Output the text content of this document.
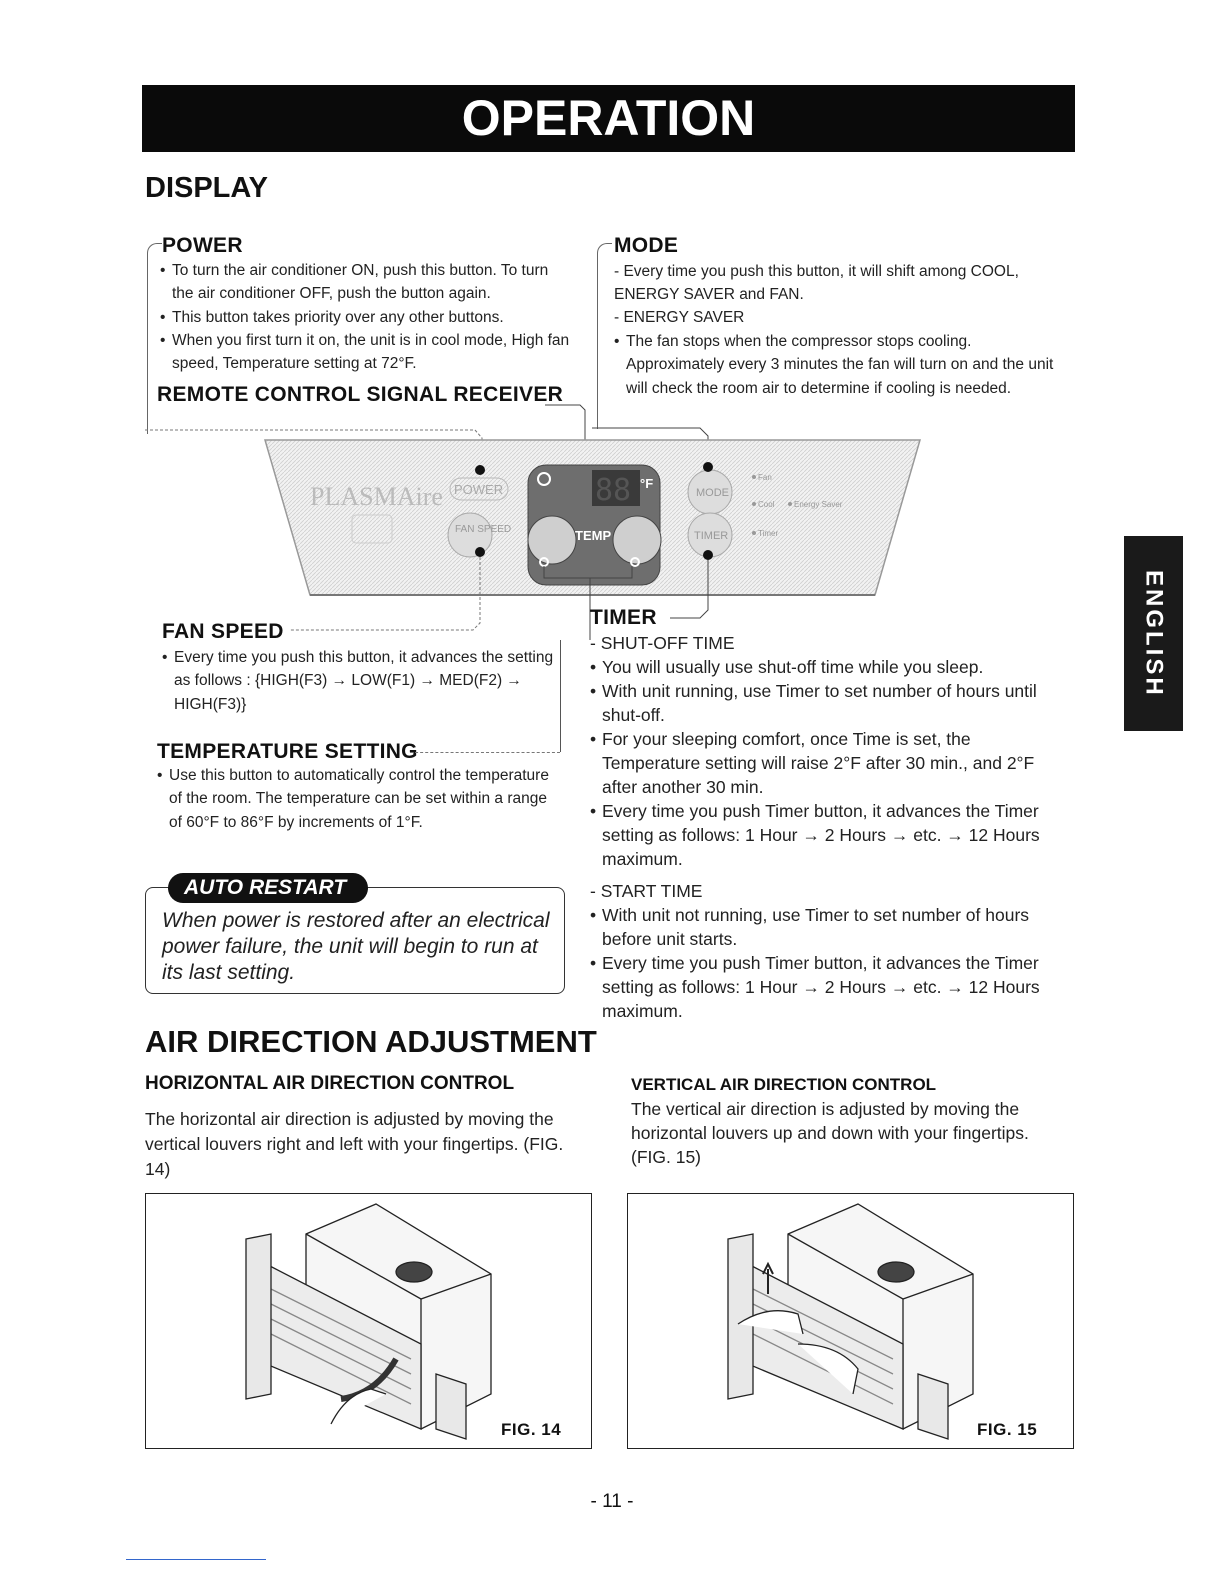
OPERATION
DISPLAY
POWER
• To turn the air conditioner ON, push this button. To turn the air conditioner OFF, push the button again.
• This button takes priority over any other buttons.
• When you first turn it on, the unit is in cool mode, High fan speed, Temperature setting at 72°F.
REMOTE CONTROL SIGNAL RECEIVER
MODE
- Every time you push this button, it will shift among COOL, ENERGY SAVER and FAN.
- ENERGY SAVER
• The fan stops when the compressor stops cooling. Approximately every 3 minutes the fan will turn on and the unit will check the room air to determine if cooling is needed.
PLASMAire POWER
FAN SPEED
88 °F
TEMP
MODE
TIMER
Fan
Cool Energy Saver
Timer
FAN SPEED
• Every time you push this button, it advances the setting as follows : {HIGH(F3) → LOW(F1) → MED(F2) → HIGH(F3)}
TEMPERATURE SETTING
• Use this button to automatically control the temperature of the room. The temperature can be set within a range of 60°F to 86°F by increments of 1°F.
AUTO RESTART
When power is restored after an electrical power failure, the unit will begin to run at its last setting.
TIMER
- SHUT-OFF TIME
• You will usually use shut-off time while you sleep.
• With unit running, use Timer to set number of hours until shut-off.
• For your sleeping comfort, once Time is set, the Temperature setting will raise 2°F after 30 min., and 2°F after another 30 min.
• Every time you push Timer button, it advances the Timer setting as follows: 1 Hour → 2 Hours → etc. → 12 Hours maximum.
- START TIME
• With unit not running, use Timer to set number of hours before unit starts.
• Every time you push Timer button, it advances the Timer setting as follows: 1 Hour → 2 Hours → etc. → 12 Hours maximum.
AIR DIRECTION ADJUSTMENT
HORIZONTAL AIR DIRECTION CONTROL
The horizontal air direction is adjusted by moving the vertical louvers right and left with your fingertips. (FIG. 14)
VERTICAL AIR DIRECTION CONTROL
The vertical air direction is adjusted by moving the horizontal louvers up and down with your fingertips. (FIG. 15)
FIG. 14	FIG. 15
ENGLISH
- 11 -
